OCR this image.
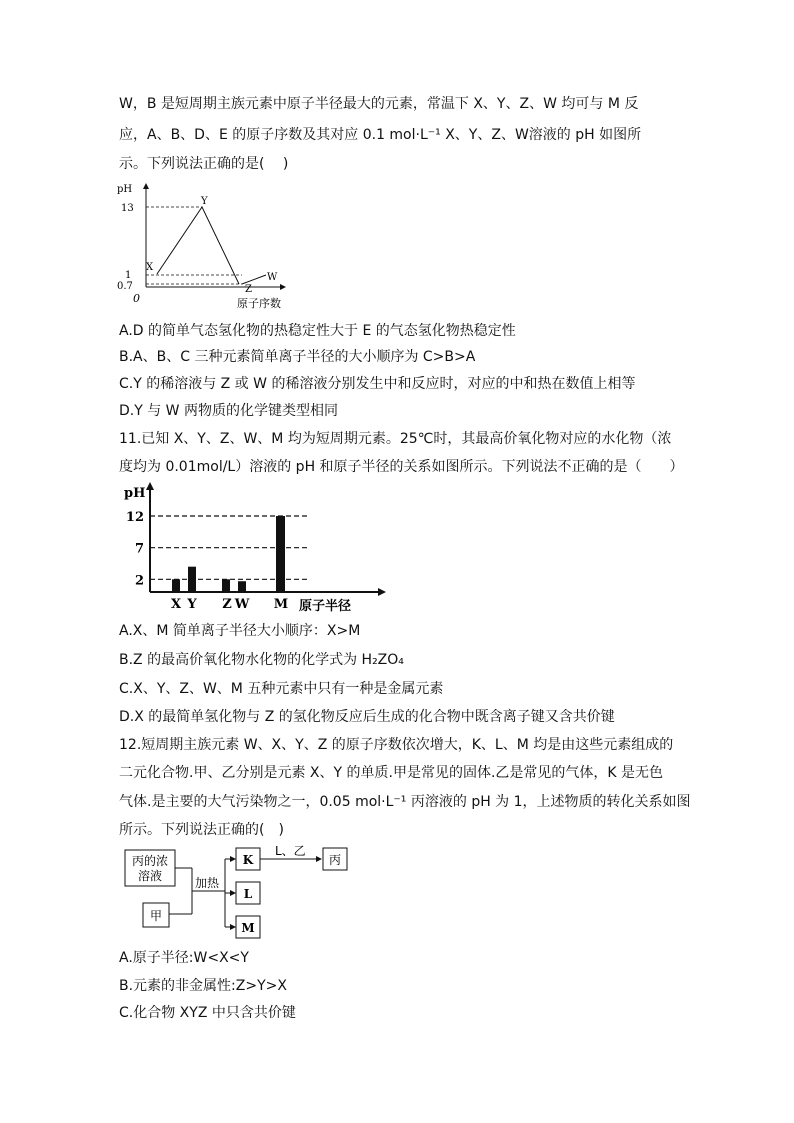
W，B 是短周期主族元素中原子半径最大的元素，常温下 X、Y、Z、W 均可与 M 反
应，A、B、D、E 的原子序数及其对应 0.1 mol·L⁻¹ X、Y、Z、W溶液的 pH 如图所
示。下列说法正确的是(　 )
pH
13
1
0.7
0	原子序数
X
Y
Z
W
A.D 的简单气态氢化物的热稳定性大于 E 的气态氢化物热稳定性
B.A、B、C 三种元素简单离子半径的大小顺序为 C>B>A
C.Y 的稀溶液与 Z 或 W 的稀溶液分别发生中和反应时，对应的中和热在数值上相等
D.Y 与 W 两物质的化学键类型相同
11.已知 X、Y、Z、W、M 均为短周期元素。25℃时，其最高价氧化物对应的水化物（浓
度均为 0.01mol/L）溶液的 pH 和原子半径的关系如图所示。下列说法不正确的是（　　）
2
7
12
X Y Z W M
pH
原子半径
A.X、M 简单离子半径大小顺序：X>M
B.Z 的最高价氧化物水化物的化学式为 H₂ZO₄
C.X、Y、Z、W、M 五种元素中只有一种是金属元素
D.X 的最简单氢化物与 Z 的氢化物反应后生成的化合物中既含离子键又含共价键
12.短周期主族元素 W、X、Y、Z 的原子序数依次增大，K、L、M 均是由这些元素组成的
二元化合物.甲、乙分别是元素 X、Y 的单质.甲是常见的固体.乙是常见的气体，K 是无色
气体.是主要的大气污染物之一，0.05 mol·L⁻¹ 丙溶液的 pH 为 1，上述物质的转化关系如图
所示。下列说法正确的(　)
丙的浓
溶液
甲
加热
K
L
M
L、乙
丙
A.原子半径:W<X<Y
B.元素的非金属性:Z>Y>X
C.化合物 XYZ 中只含共价键
